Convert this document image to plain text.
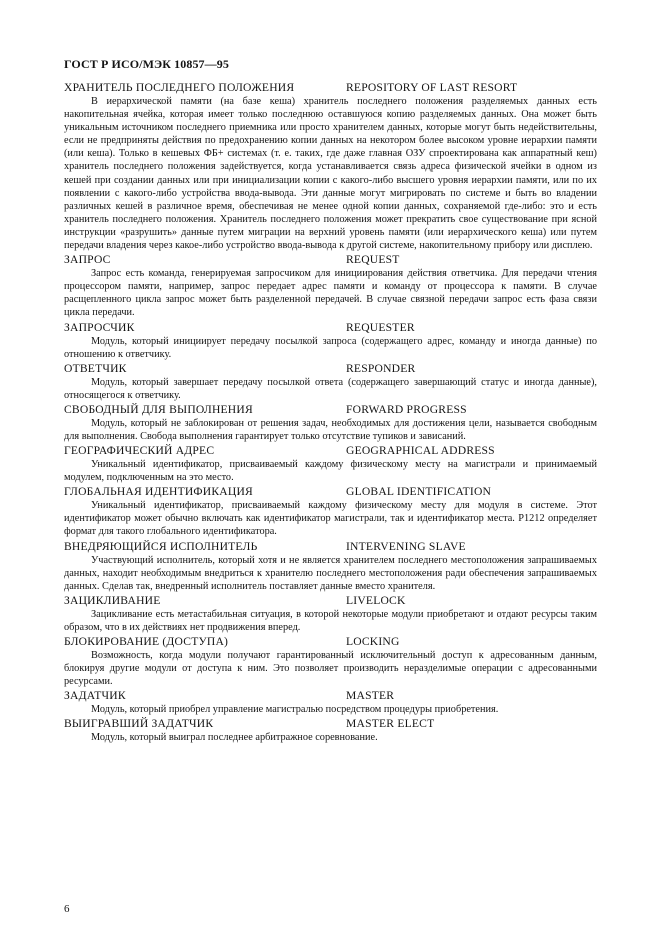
ГОСТ Р ИСО/МЭК 10857—95
ХРАНИТЕЛЬ ПОСЛЕДНЕГО ПОЛОЖЕНИЯ	REPOSITORY OF LAST RESORT

В иерархической памяти (на базе кеша) хранитель последнего положения разделяемых данных есть накопительная ячейка, которая имеет только последнюю оставшуюся копию разделяемых данных. Она может быть уникальным источником последнего приемника или просто хранителем данных, которые могут быть недействительны, если не предприняты действия по предохранению копии данных на некотором более высоком уровне иерархии памяти (или кеша). Только в кешевых ФБ+ системах (т. е. таких, где даже главная ОЗУ спроектирована как аппаратный кеш) хранитель последнего положения задействуется, когда устанавливается связь адреса физической ячейки в одном из кешей при создании данных или при инициализации копии с какого-либо высшего уровня иерархии памяти, или по их появлении с какого-либо устройства ввода-вывода. Эти данные могут мигрировать по системе и быть во владении различных кешей в различное время, обеспечивая не менее одной копии данных, сохраняемой где-либо: это и есть хранитель последнего положения. Хранитель последнего положения может прекратить свое существование при ясной инструкции «разрушить» данные путем миграции на верхний уровень памяти (или иерархического кеша) или путем передачи владения через какое-либо устройство ввода-вывода к другой системе, накопительному прибору или дисплею.

ЗАПРОС	REQUEST

Запрос есть команда, генерируемая запросчиком для инициирования действия ответчика. Для передачи чтения процессором памяти, например, запрос передает адрес памяти и команду от процессора к памяти. В случае расщепленного цикла запрос может быть разделенной передачей. В случае связной передачи запрос есть фаза связи цикла передачи.

ЗАПРОСЧИК	REQUESTER

Модуль, который инициирует передачу посылкой запроса (содержащего адрес, команду и иногда данные) по отношению к ответчику.

ОТВЕТЧИК	RESPONDER

Модуль, который завершает передачу посылкой ответа (содержащего завершающий статус и иногда данные), относящегося к ответчику.

СВОБОДНЫЙ ДЛЯ ВЫПОЛНЕНИЯ	FORWARD PROGRESS

Модуль, который не заблокирован от решения задач, необходимых для достижения цели, называется свободным для выполнения. Свобода выполнения гарантирует только отсутствие тупиков и зависаний.

ГЕОГРАФИЧЕСКИЙ АДРЕС	GEOGRAPHICAL ADDRESS

Уникальный идентификатор, присваиваемый каждому физическому месту на магистрали и принимаемый модулем, подключенным на это место.

ГЛОБАЛЬНАЯ ИДЕНТИФИКАЦИЯ	GLOBAL IDENTIFICATION

Уникальный идентификатор, присваиваемый каждому физическому месту для модуля в системе. Этот идентификатор может обычно включать как идентификатор магистрали, так и идентификатор места. P1212 определяет формат для такого глобального идентификатора.

ВНЕДРЯЮЩИЙСЯ ИСПОЛНИТЕЛЬ	INTERVENING SLAVE

Участвующий исполнитель, который хотя и не является хранителем последнего местоположения запрашиваемых данных, находит необходимым внедриться к хранителю последнего местоположения ради обеспечения запрашиваемых данных. Сделав так, внедренный исполнитель поставляет данные вместо хранителя.

ЗАЦИКЛИВАНИЕ	LIVELOCK

Зацикливание есть метастабильная ситуация, в которой некоторые модули приобретают и отдают ресурсы таким образом, что в их действиях нет продвижения вперед.

БЛОКИРОВАНИЕ (ДОСТУПА)	LOCKING

Возможность, когда модули получают гарантированный исключительный доступ к адресованным данным, блокируя другие модули от доступа к ним. Это позволяет производить неразделимые операции с адресованными ресурсами.

ЗАДАТЧИК	MASTER

Модуль, который приобрел управление магистралью посредством процедуры приобретения.

ВЫИГРАВШИЙ ЗАДАТЧИК	MASTER ELECT

Модуль, который выиграл последнее арбитражное соревнование.

6
